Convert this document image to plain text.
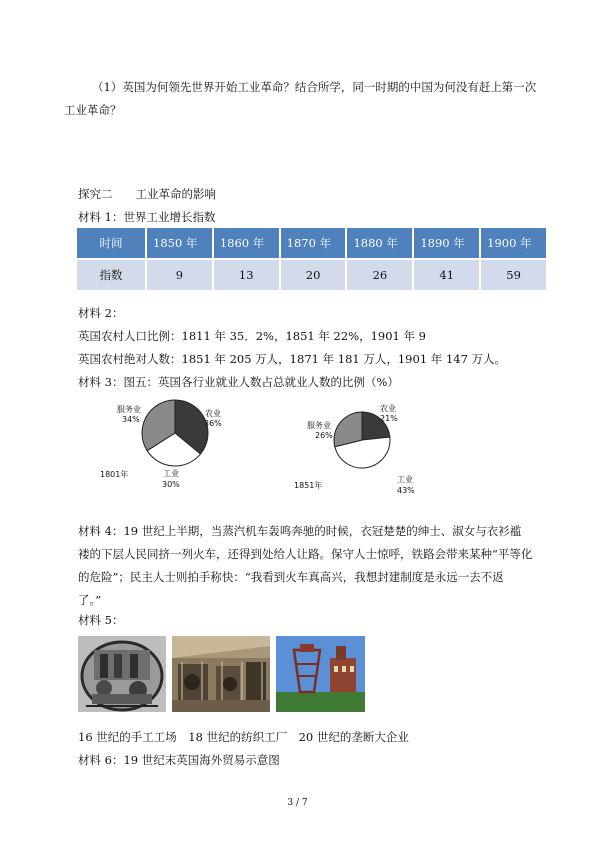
（1）英国为何领先世界开始工业革命？结合所学，同一时期的中国为何没有赶上第一次
工业革命？
探究二　　工业革命的影响
材料 1：世界工业增长指数
时间	1850 年	1860 年	1870 年	1880 年	1890 年	1900 年
指数	9	13	20	26	41	59
材料 2：
英国农村人口比例：1811 年 35．2%，1851 年 22%，1901 年 9
英国农村绝对人数：1851 年 205 万人，1871 年 181 万人，1901 年 147 万人。
材料 3：图五：英国各行业就业人数占总就业人数的比例（%）
服务业
34%
农业
36%
工业
30%
1801年
服务业
26%
农业
21%
工业
43%
1851年
材料 4：19 世纪上半期，当蒸汽机车轰鸣奔驰的时候，衣冠楚楚的绅士、淑女与衣衫褴
褛的下层人民同挤一列火车，还得到处给人让路。保守人士惊呼，铁路会带来某种“平等化
的危险”；民主人士则拍手称快：“我看到火车真高兴，我想封建制度是永远一去不返
了。”
材料 5：
16 世纪的手工工场　18 世纪的纺织工厂　20 世纪的垄断大企业
材料 6：19 世纪末英国海外贸易示意图
3 / 7
